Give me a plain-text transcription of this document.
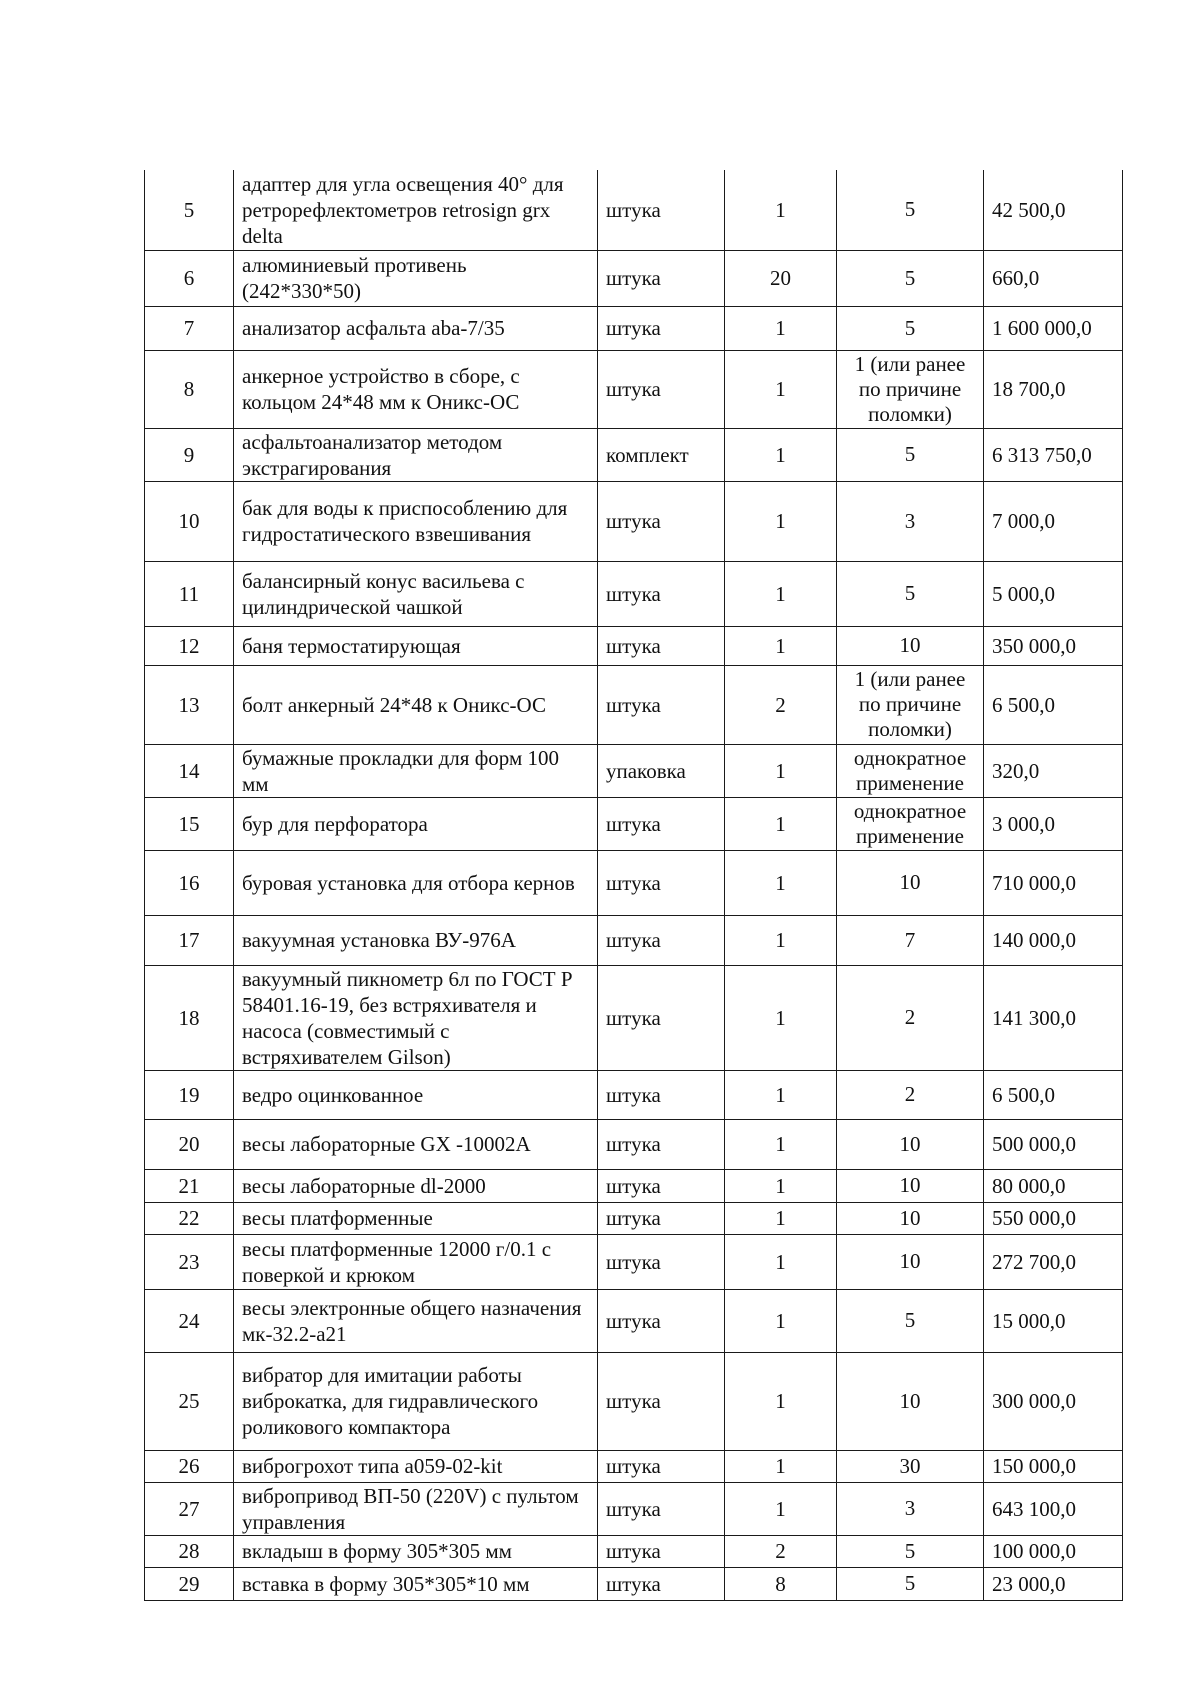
5	адаптер для угла освещения 40° для ретрорефлектометров retrosign grx delta	штука	1	5	42 500,0
6	алюминиевый противень (242*330*50)	штука	20	5	660,0
7	анализатор асфальта aba-7/35	штука	1	5	1 600 000,0
8	анкерное устройство в сборе, с кольцом 24*48 мм к Оникс-ОС	штука	1	1 (или ранее по причине поломки)	18 700,0
9	асфальтоанализатор методом экстрагирования	комплект	1	5	6 313 750,0
10	бак для воды к приспособлению для гидростатического взвешивания	штука	1	3	7 000,0
11	балансирный конус васильева с цилиндрической чашкой	штука	1	5	5 000,0
12	баня термостатирующая	штука	1	10	350 000,0
13	болт анкерный 24*48 к Оникс-ОС	штука	2	1 (или ранее по причине поломки)	6 500,0
14	бумажные прокладки для форм 100 мм	упаковка	1	однократное применение	320,0
15	бур для перфоратора	штука	1	однократное применение	3 000,0
16	буровая установка для отбора кернов	штука	1	10	710 000,0
17	вакуумная установка ВУ-976А	штука	1	7	140 000,0
18	вакуумный пикнометр 6л по ГОСТ Р 58401.16-19, без встряхивателя и насоса (совместимый с встряхивателем Gilson)	штука	1	2	141 300,0
19	ведро оцинкованное	штука	1	2	6 500,0
20	весы лабораторные GX -10002A	штука	1	10	500 000,0
21	весы лабораторные dl-2000	штука	1	10	80 000,0
22	весы платформенные	штука	1	10	550 000,0
23	весы платформенные 12000 г/0.1 с поверкой и крюком	штука	1	10	272 700,0
24	весы электронные общего назначения мк-32.2-а21	штука	1	5	15 000,0
25	вибратор для имитации работы виброкатка, для гидравлического роликового компактора	штука	1	10	300 000,0
26	виброгрохот типа а059-02-kit	штука	1	30	150 000,0
27	вибропривод ВП-50 (220V) с пультом управления	штука	1	3	643 100,0
28	вкладыш в форму 305*305 мм	штука	2	5	100 000,0
29	вставка в форму 305*305*10 мм	штука	8	5	23 000,0
